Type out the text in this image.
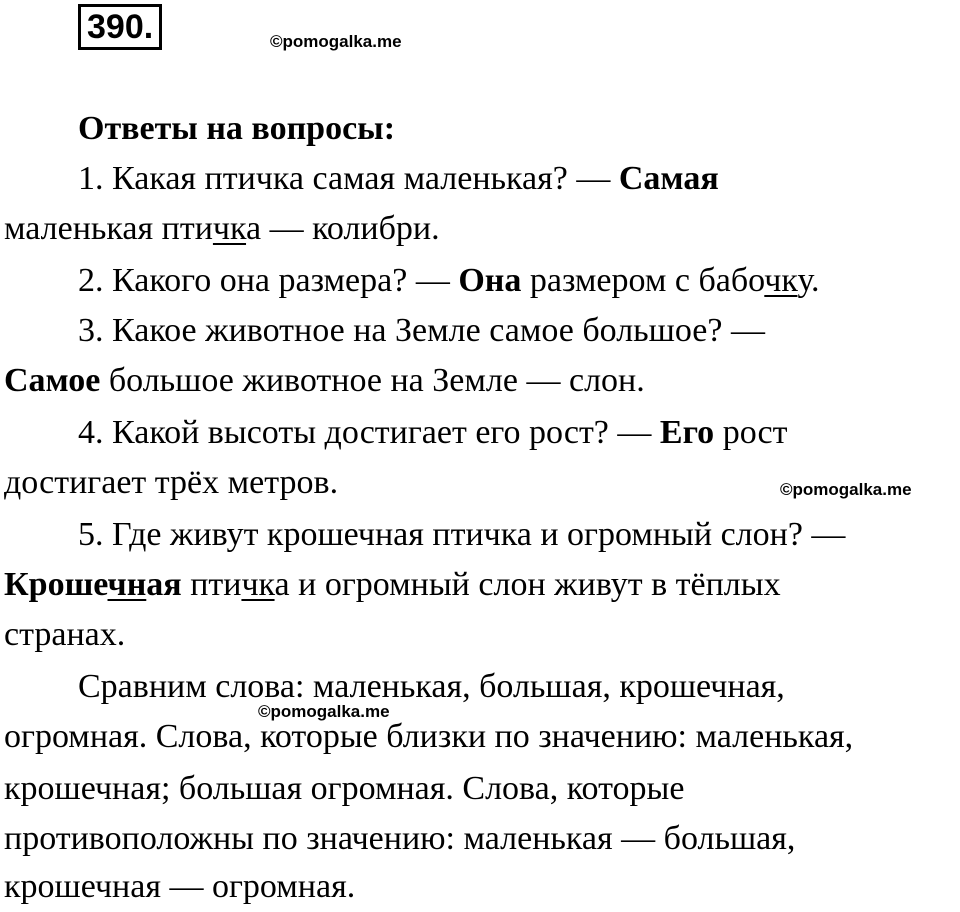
390.	©pomogalka.me
Ответы на вопросы:
1. Какая птичка самая маленькая? — Самая
маленькая птичка — колибри.
2. Какого она размера? — Она размером с бабочку.
3. Какое животное на Земле самое большое? —
Самое большое животное на Земле — слон.
4. Какой высоты достигает его рост? — Его рост
достигает трёх метров.	©pomogalka.me
5. Где живут крошечная птичка и огромный слон? —
Крошечная птичка и огромный слон живут в тёплых
странах.
Сравним слова: маленькая, большая, крошечная,
©pomogalka.me
огромная. Слова, которые близки по значению: маленькая,
крошечная; большая огромная. Слова, которые
противоположны по значению: маленькая — большая,
крошечная — огромная.
